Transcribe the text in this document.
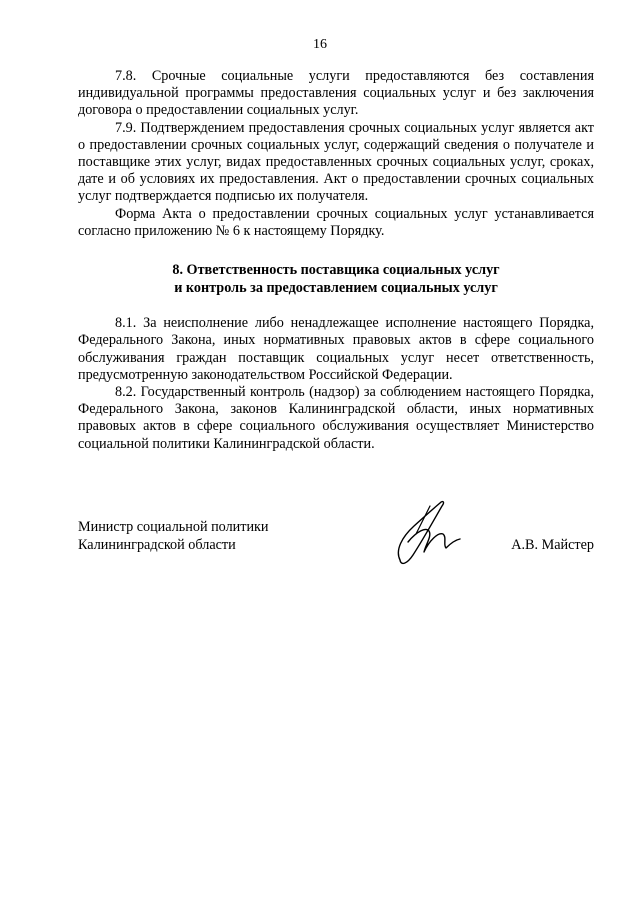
16

7.8. Срочные социальные услуги предоставляются без составления индивидуальной программы предоставления социальных услуг и без заключения договора о предоставлении социальных услуг.

7.9. Подтверждением предоставления срочных социальных услуг является акт о предоставлении срочных социальных услуг, содержащий сведения о получателе и поставщике этих услуг, видах предоставленных срочных социальных услуг, сроках, дате и об условиях их предоставления. Акт о предоставлении срочных социальных услуг подтверждается подписью их получателя.

Форма Акта о предоставлении срочных социальных услуг устанавливается согласно приложению № 6 к настоящему Порядку.

8. Ответственность поставщика социальных услуг
и контроль за предоставлением социальных услуг

8.1. За неисполнение либо ненадлежащее исполнение настоящего Порядка, Федерального Закона, иных нормативных правовых актов в сфере социального обслуживания граждан поставщик социальных услуг несет ответственность, предусмотренную законодательством Российской Федерации.

8.2. Государственный контроль (надзор) за соблюдением настоящего Порядка, Федерального Закона, законов Калининградской области, иных нормативных правовых актов в сфере социального обслуживания осуществляет Министерство социальной политики Калининградской области.

Министр социальной политики
Калининградской области	А.В. Майстер
